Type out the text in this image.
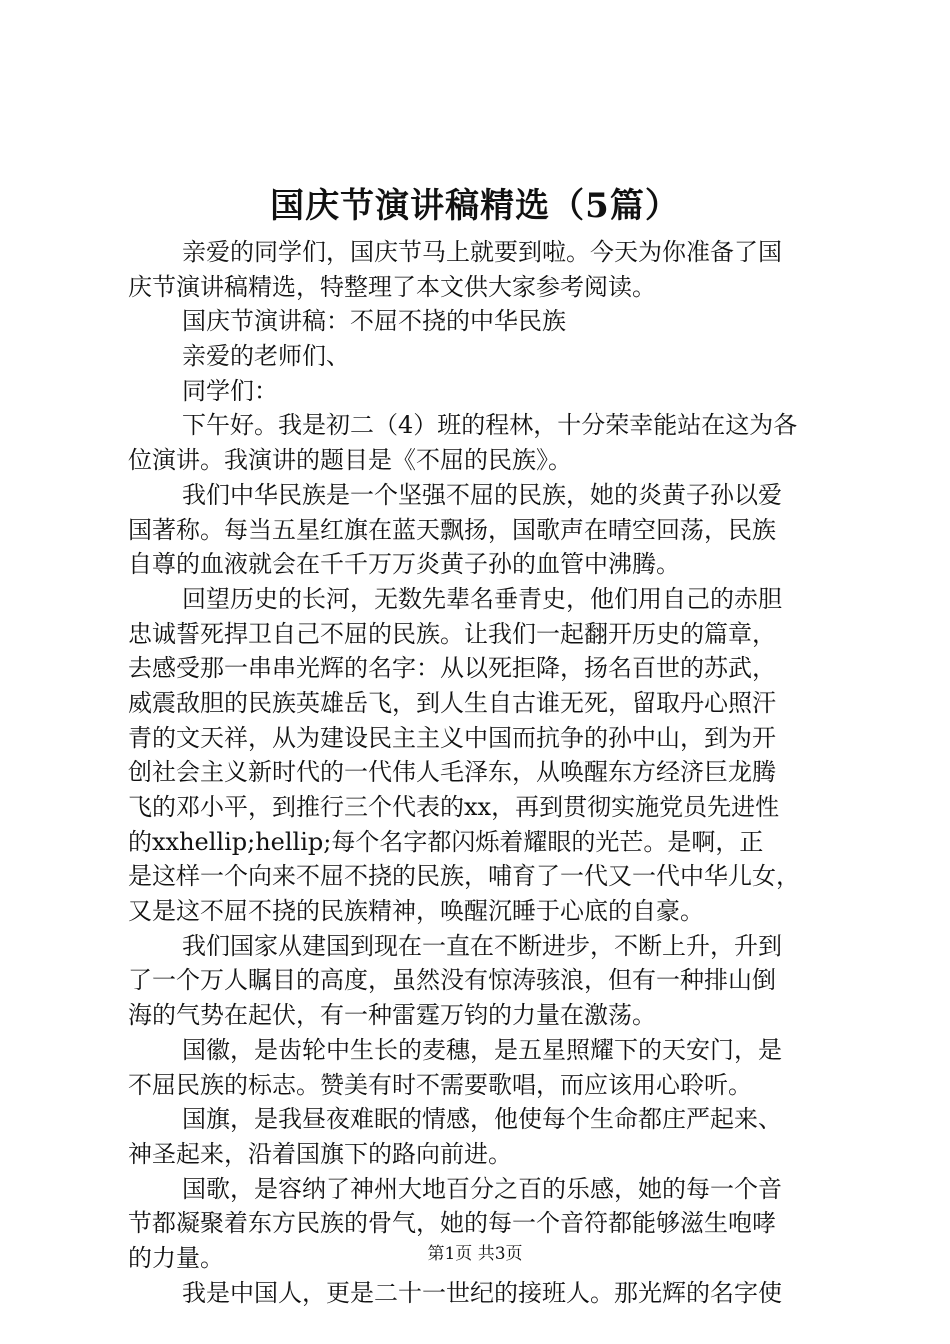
国庆节演讲稿精选（5篇）
亲爱的同学们，国庆节马上就要到啦。今天为你准备了国
庆节演讲稿精选，特整理了本文供大家参考阅读。
国庆节演讲稿：不屈不挠的中华民族
亲爱的老师们、
同学们：
下午好。我是初二（4）班的程林，十分荣幸能站在这为各
位演讲。我演讲的题目是《不屈的民族》。
我们中华民族是一个坚强不屈的民族，她的炎黄子孙以爱
国著称。每当五星红旗在蓝天飘扬，国歌声在晴空回荡，民族
自尊的血液就会在千千万万炎黄子孙的血管中沸腾。
回望历史的长河，无数先辈名垂青史，他们用自己的赤胆
忠诚誓死捍卫自己不屈的民族。让我们一起翻开历史的篇章，
去感受那一串串光辉的名字：从以死拒降，扬名百世的苏武，
威震敌胆的民族英雄岳飞，到人生自古谁无死，留取丹心照汗
青的文天祥，从为建设民主主义中国而抗争的孙中山，到为开
创社会主义新时代的一代伟人毛泽东，从唤醒东方经济巨龙腾
飞的邓小平，到推行三个代表的xx，再到贯彻实施党员先进性
的xxhellip;hellip;每个名字都闪烁着耀眼的光芒。是啊，正
是这样一个向来不屈不挠的民族，哺育了一代又一代中华儿女，
又是这不屈不挠的民族精神，唤醒沉睡于心底的自豪。
我们国家从建国到现在一直在不断进步，不断上升，升到
了一个万人瞩目的高度，虽然没有惊涛骇浪，但有一种排山倒
海的气势在起伏，有一种雷霆万钧的力量在激荡。
国徽，是齿轮中生长的麦穗，是五星照耀下的天安门，是
不屈民族的标志。赞美有时不需要歌唱，而应该用心聆听。
国旗，是我昼夜难眠的情感，他使每个生命都庄严起来、
神圣起来，沿着国旗下的路向前进。
国歌，是容纳了神州大地百分之百的乐感，她的每一个音
节都凝聚着东方民族的骨气，她的每一个音符都能够滋生咆哮
的力量。
我是中国人，更是二十一世纪的接班人。那光辉的名字使
第1页 共3页
